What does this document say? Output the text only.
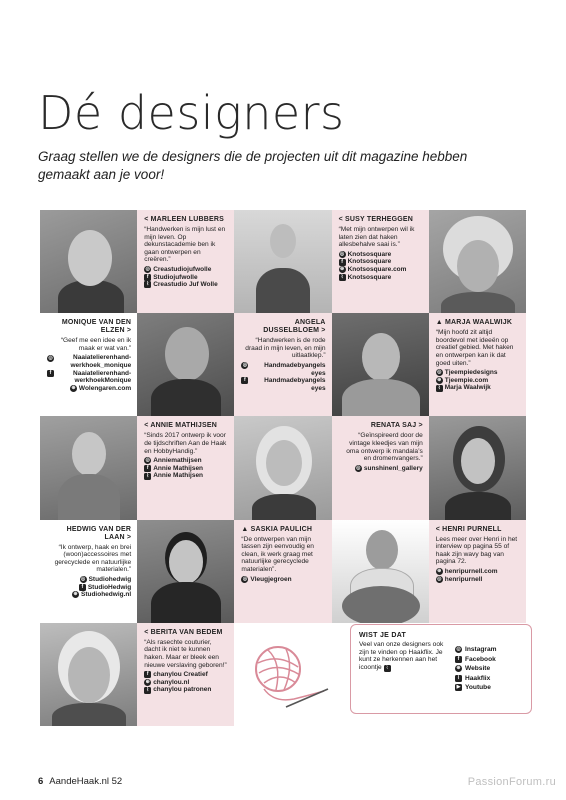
Dé designers

Graag stellen we de designers die de projecten uit dit magazine hebben gemaakt aan je voor!

< MARLEEN LUBBERS
“Handwerken is mijn lust en mijn leven. Op dekunstacademie ben ik gaan ontwerpen en creëren.”
◎ Creastudiojufwolle
f Studiojufwolle
⌇ Creastudio Juf Wolle
< SUSY TERHEGGEN
“Met mijn ontwerpen wil ik laten zien dat haken allesbehalve saai is.”
◎ Knotsosquare
f Knotsosquare
⊕ Knotsosquare.com
⌇ Knotsosquare
MONIQUE VAN DEN ELZEN >
“Geef me een idee en ik maak er wat van.”
◎	Naaiatelierenhand-werkhoek_monique
f	Naaiatelierenhand-werkhoekMonique
⊕ Wolengaren.com
ANGELA DUSSELBLOEM >
“Handwerken is de rode draad in mijn leven, en mijn uitlaatklep.”
◎	Handmadebyangels eyes
f	Handmadebyangels eyes
▲ MARJA WAALWIJK
“Mijn hoofd zit altijd boordevol met ideeën op creatief gebied. Met haken en ontwerpen kan ik dat goed uiten.”
◎ Tjeempiedesigns
⊕ Tjeempie.com
⌇ Marja Waalwijk
< ANNIE MATHIJSEN
“Sinds 2017 ontwerp ik voor de tijdschriften Aan de Haak en HobbyHandig.”
◎ Anniemathijsen
f Annie Mathijsen
⌇ Annie Mathijsen
RENATA SAJ >
“Geïnspireerd door de vintage kleedjes van mijn oma ontwerp ik mandala’s en dromenvangers.”
◎ sunshinenl_gallery
HEDWIG VAN DER LAAN >
“Ik ontwerp, haak en brei (woon)accessoires met gerecyclede en natuurlijke materialen.”
◎ Studiohedwig
f StudioHedwig
⊕ Studiohedwig.nl
▲ SASKIA PAULICH
“De ontwerpen van mijn tassen zijn eenvoudig en clean, ik werk graag met natuurlijke gerecyclede materialen”.
◎ Vleugjegroen
< HENRI PURNELL
Lees meer over Henri in het interview op pagina 55 of haak zijn wavy bag van pagina 72.
⊕ henripurnell.com
◎ henripurnell
< BERITA VAN BEDEM
“Als rasechte couturier, dacht ik niet te kunnen haken. Maar er bleek een nieuwe verslaving geboren!”
f chanylou Creatief
⊕ chanylou.nl
⌇ chanylou patronen
WIST JE DAT
Veel van onze designers ook zijn te vinden op Haakflix. Je kunt ze herkennen aan het icoontje ⌇
◎ Instagram
f Facebook
⊕ Website
⌇ Haakflix
▶ Youtube
6 AandeHaak.nl 52	PassionForum.ru
